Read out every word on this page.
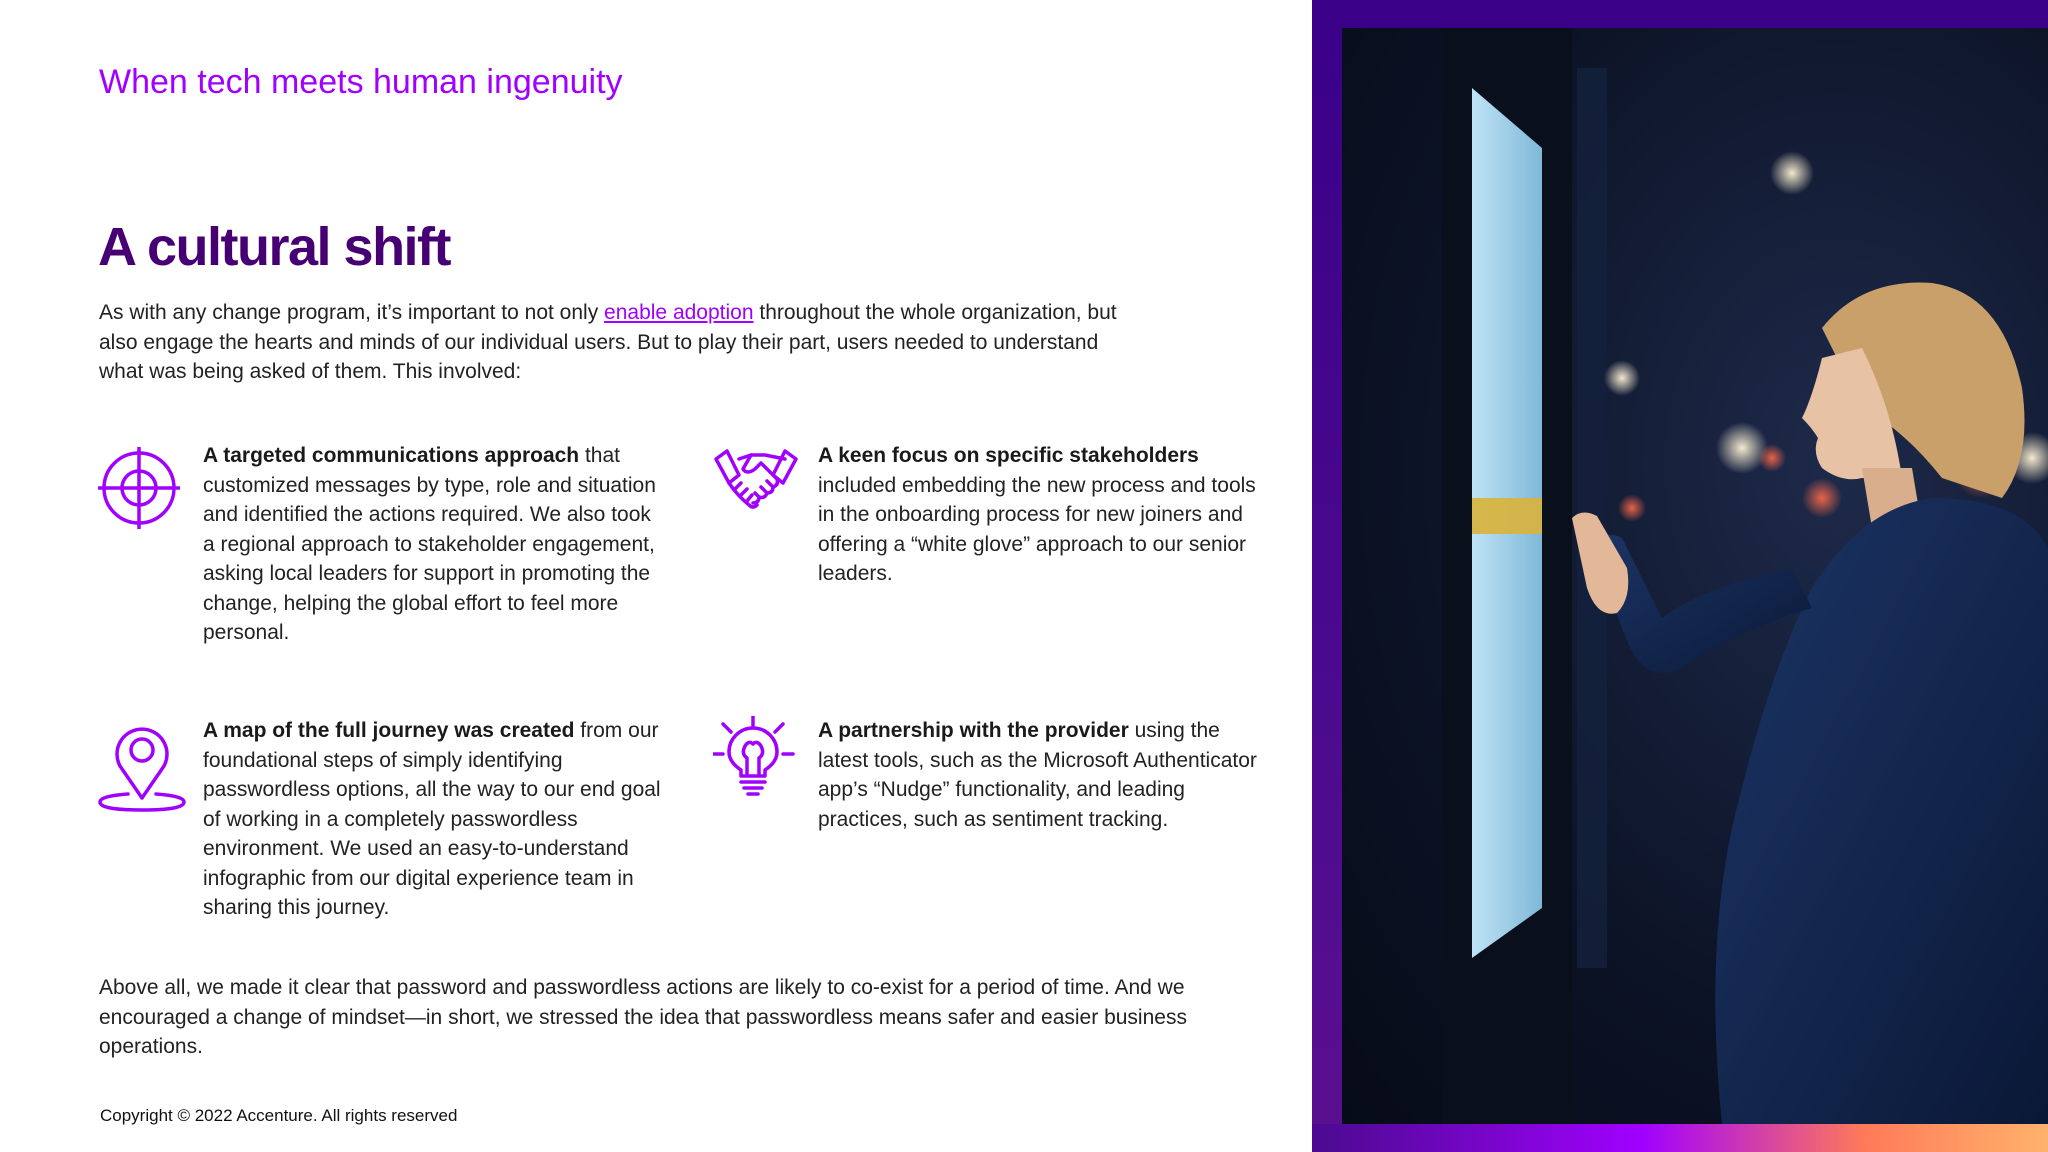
When tech meets human ingenuity
A cultural shift
As with any change program, it’s important to not only enable adoption throughout the whole organization, but also engage the hearts and minds of our individual users. But to play their part, users needed to understand what was being asked of them. This involved:
A targeted communications approach that customized messages by type, role and situation and identified the actions required. We also took a regional approach to stakeholder engagement, asking local leaders for support in promoting the change, helping the global effort to feel more personal.
A keen focus on specific stakeholders included embedding the new process and tools in the onboarding process for new joiners and offering a “white glove” approach to our senior leaders.
A map of the full journey was created from our foundational steps of simply identifying passwordless options, all the way to our end goal of working in a completely passwordless environment. We used an easy-to-understand infographic from our digital experience team in sharing this journey.
A partnership with the provider using the latest tools, such as the Microsoft Authenticator app’s “Nudge” functionality, and leading practices, such as sentiment tracking.
Above all, we made it clear that password and passwordless actions are likely to co-exist for a period of time. And we encouraged a change of mindset—in short, we stressed the idea that passwordless means safer and easier business operations.
Copyright © 2022 Accenture. All rights reserved
